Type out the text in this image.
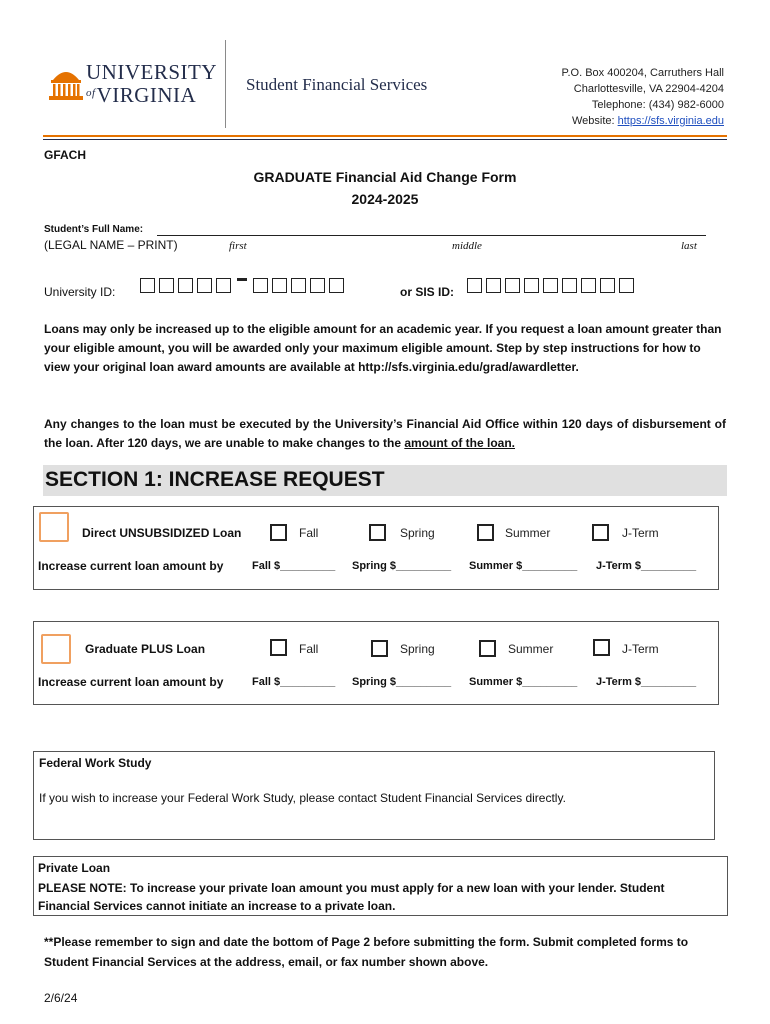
UNIVERSITY
$^{of}$VIRGINIA	Student Financial Services
P.O. Box 400204, Carruthers Hall
Charlottesville, VA 22904-4204
Telephone: (434) 982-6000
Website: https://sfs.virginia.edu
GFACH
GRADUATE Financial Aid Change Form
2024-2025
Student’s Full Name:
(LEGAL NAME – PRINT)	first	middle	last
University ID:	or SIS ID:
Loans may only be increased up to the eligible amount for an academic year. If you request a loan amount greater than your eligible amount, you will be awarded only your maximum eligible amount. Step by step instructions for how to view your original loan award amounts are available at http://sfs.virginia.edu/grad/awardletter.
Any changes to the loan must be executed by the University’s Financial Aid Office within 120 days of disbursement of the loan. After 120 days, we are unable to make changes to the amount of the loan.
SECTION 1: INCREASE REQUEST
Direct UNSUBSIDIZED Loan	Fall	Spring	Summer	J-Term
Increase current loan amount by	Fall $_________ Spring $_________ Summer $_________ J-Term $_________
Graduate PLUS Loan	Fall	Spring	Summer	J-Term
Increase current loan amount by	Fall $_________ Spring $_________ Summer $_________ J-Term $_________
Federal Work Study
If you wish to increase your Federal Work Study, please contact Student Financial Services directly.
Private Loan
PLEASE NOTE: To increase your private loan amount you must apply for a new loan with your lender. Student Financial Services cannot initiate an increase to a private loan.
**Please remember to sign and date the bottom of Page 2 before submitting the form. Submit completed forms to Student Financial Services at the address, email, or fax number shown above.
2/6/24
